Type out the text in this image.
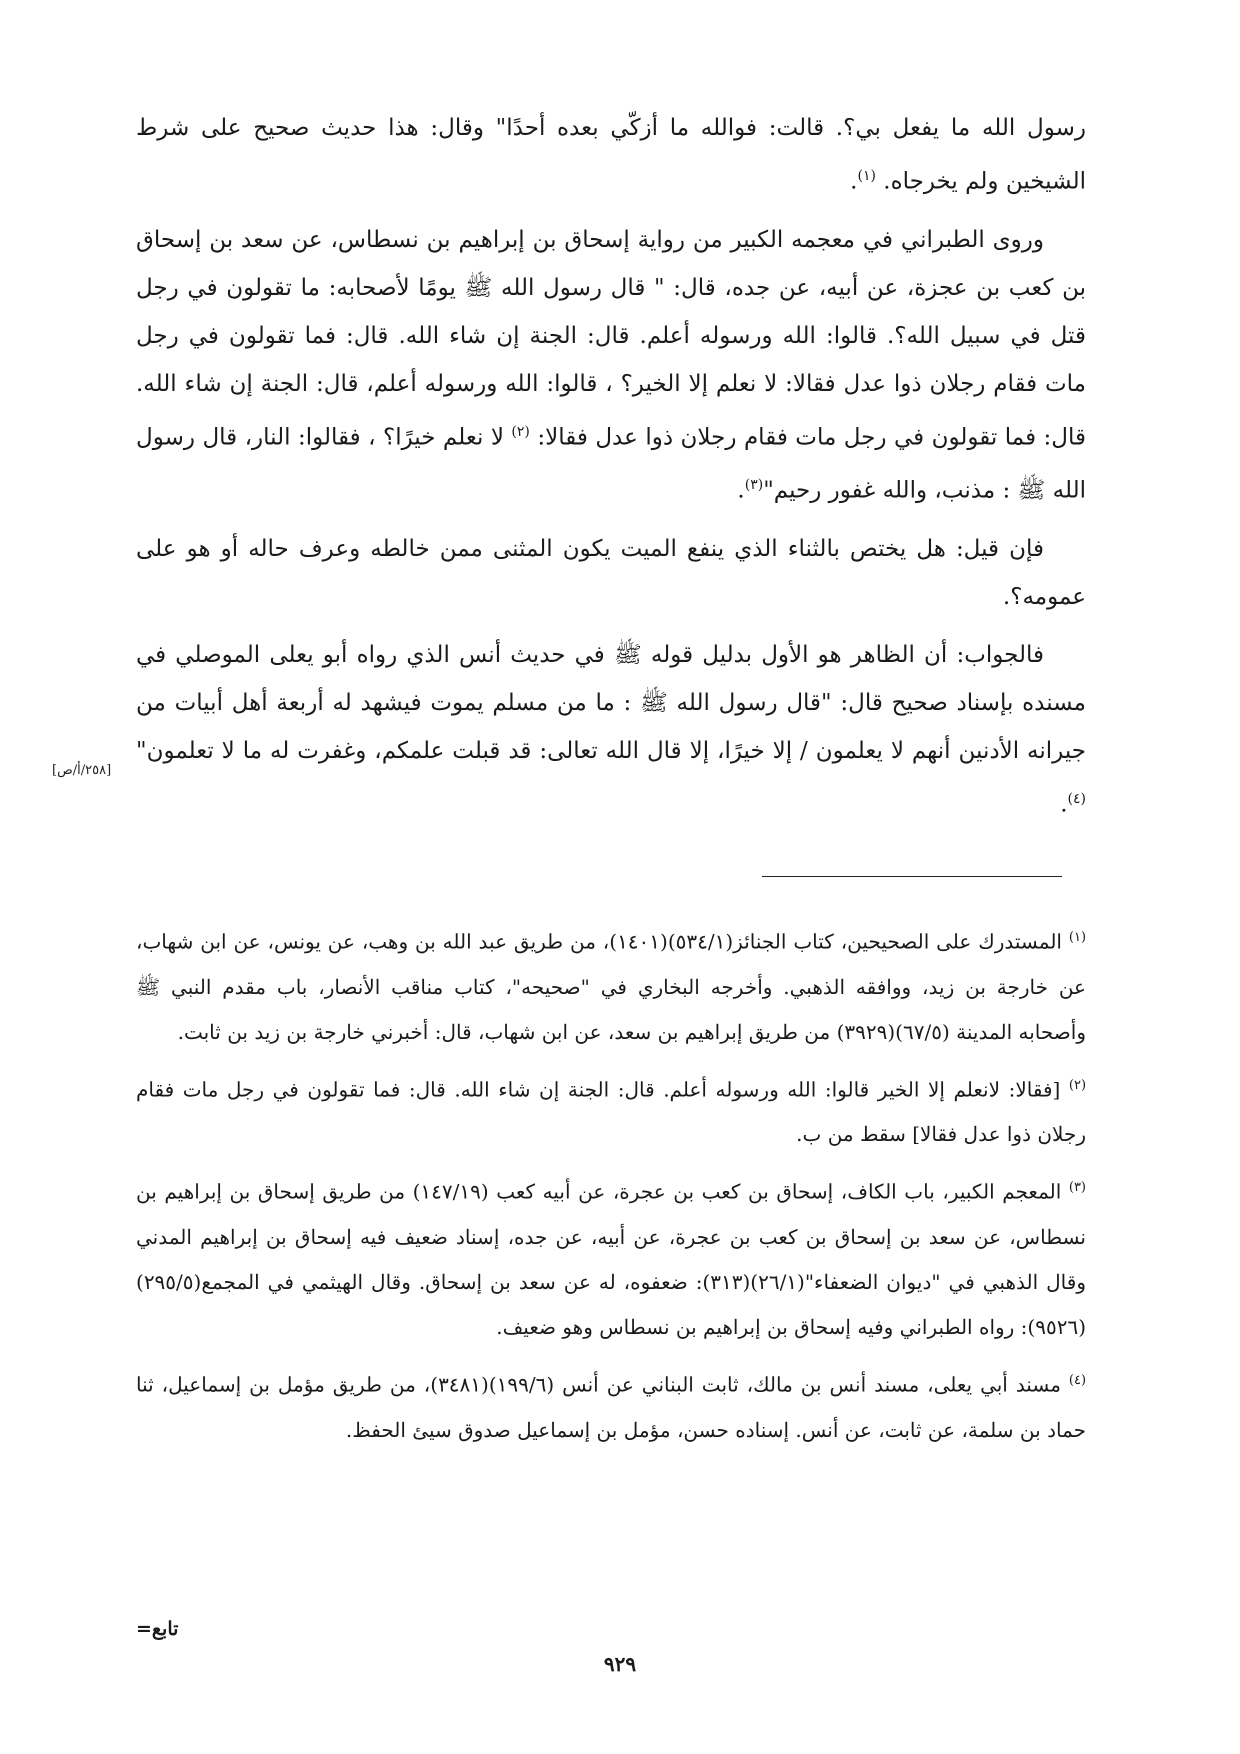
رسول الله ما يفعل بي؟. قالت: فوالله ما أزكّي بعده أحدًا" وقال: هذا حديث صحيح على شرط الشيخين ولم يخرجاه. $^{(١)}$.

وروى الطبراني في معجمه الكبير من رواية إسحاق بن إبراهيم بن نسطاس، عن سعد بن إسحاق بن كعب بن عجزة، عن أبيه، عن جده، قال: " قال رسول الله ﷺ يومًا لأصحابه: ما تقولون في رجل قتل في سبيل الله؟. قالوا: الله ورسوله أعلم. قال: الجنة إن شاء الله. قال: فما تقولون في رجل مات فقام رجلان ذوا عدل فقالا: لا نعلم إلا الخير؟ ، قالوا: الله ورسوله أعلم، قال: الجنة إن شاء الله. قال: فما تقولون في رجل مات فقام رجلان ذوا عدل فقالا: $^{(٢)}$ لا نعلم خيرًا؟ ، فقالوا: النار، قال رسول الله ﷺ : مذنب، والله غفور رحيم"$^{(٣)}$.

فإن قيل: هل يختص بالثناء الذي ينفع الميت يكون المثنى ممن خالطه وعرف حاله أو هو على عمومه؟.

فالجواب: أن الظاهر هو الأول بدليل قوله ﷺ في حديث أنس الذي رواه أبو يعلى الموصلي في مسنده بإسناد صحيح قال: "قال رسول الله ﷺ : ما من مسلم يموت فيشهد له أربعة أهل أبيات من جيرانه الأدنين أنهم لا يعلمون / إلا خيرًا، إلا قال الله تعالى: قد قبلت علمكم، وغفرت له ما لا تعلمون"$^{(٤)}$.

[٢٥٨/أ/ص]

$^{(١)}$ المستدرك على الصحيحين، كتاب الجنائز(٥٣٤/١)(١٤٠١)، من طريق عبد الله بن وهب، عن يونس، عن ابن شهاب، عن خارجة بن زيد، ووافقه الذهبي. وأخرجه البخاري في "صحيحه"، كتاب مناقب الأنصار، باب مقدم النبي ﷺ وأصحابه المدينة (٦٧/٥)(٣٩٢٩) من طريق إبراهيم بن سعد، عن ابن شهاب، قال: أخبرني خارجة بن زيد بن ثابت.

$^{(٢)}$ [فقالا: لانعلم إلا الخير قالوا: الله ورسوله أعلم. قال: الجنة إن شاء الله. قال: فما تقولون في رجل مات فقام رجلان ذوا عدل فقالا] سقط من ب.

$^{(٣)}$ المعجم الكبير، باب الكاف، إسحاق بن كعب بن عجرة، عن أبيه كعب (١٤٧/١٩) من طريق إسحاق بن إبراهيم بن نسطاس، عن سعد بن إسحاق بن كعب بن عجرة، عن أبيه، عن جده، إسناد ضعيف فيه إسحاق بن إبراهيم المدني وقال الذهبي في "ديوان الضعفاء"(٢٦/١)(٣١٣): ضعفوه، له عن سعد بن إسحاق. وقال الهيثمي في المجمع(٢٩٥/٥)(٩٥٢٦): رواه الطبراني وفيه إسحاق بن إبراهيم بن نسطاس وهو ضعيف.

$^{(٤)}$ مسند أبي يعلى، مسند أنس بن مالك، ثابت البناني عن أنس (١٩٩/٦)(٣٤٨١)، من طريق مؤمل بن إسماعيل، ثنا حماد بن سلمة، عن ثابت، عن أنس. إسناده حسن، مؤمل بن إسماعيل صدوق سيئ الحفظ.

تابع=
٩٢٩
